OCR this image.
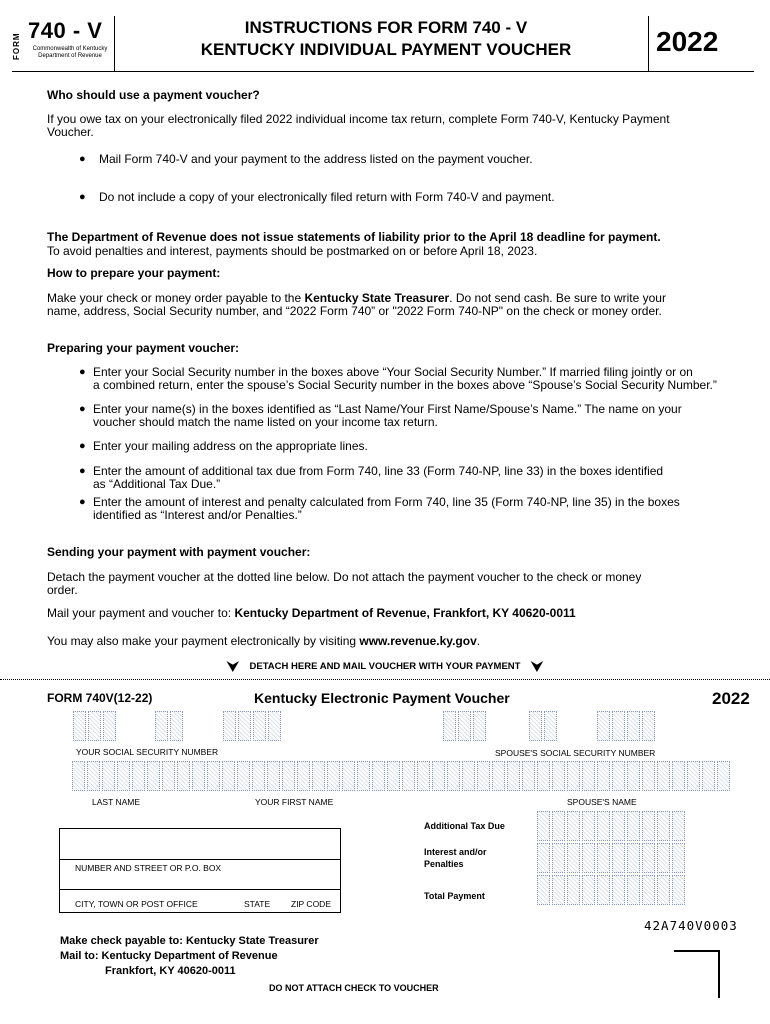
FORM
740 - V
Commonwealth of Kentucky
Department of Revenue
INSTRUCTIONS FOR FORM 740 - V
KENTUCKY INDIVIDUAL PAYMENT VOUCHER	2022
Who should use a payment voucher?
If you owe tax on your electronically filed 2022 individual income tax return, complete Form 740-V, Kentucky Payment
Voucher.
● Mail Form 740-V and your payment to the address listed on the payment voucher.
● Do not include a copy of your electronically filed return with Form 740-V and payment.
The Department of Revenue does not issue statements of liability prior to the April 18 deadline for payment.
To avoid penalties and interest, payments should be postmarked on or before April 18, 2023.
How to prepare your payment:
Make your check or money order payable to the Kentucky State Treasurer. Do not send cash. Be sure to write your
name, address, Social Security number, and “2022 Form 740” or "2022 Form 740-NP" on the check or money order.
Preparing your payment voucher:
● Enter your Social Security number in the boxes above “Your Social Security Number.” If married filing jointly or on
a combined return, enter the spouse’s Social Security number in the boxes above “Spouse’s Social Security Number.”
● Enter your name(s) in the boxes identified as “Last Name/Your First Name/Spouse’s Name.” The name on your
voucher should match the name listed on your income tax return.
● Enter your mailing address on the appropriate lines.
● Enter the amount of additional tax due from Form 740, line 33 (Form 740-NP, line 33) in the boxes identified
as “Additional Tax Due.”
● Enter the amount of interest and penalty calculated from Form 740, line 35 (Form 740-NP, line 35) in the boxes
identified as “Interest and/or Penalties.”
Sending your payment with payment voucher:
Detach the payment voucher at the dotted line below. Do not attach the payment voucher to the check or money
order.
Mail your payment and voucher to: Kentucky Department of Revenue, Frankfort, KY 40620-0011
You may also make your payment electronically by visiting www.revenue.ky.gov.
⮟ DETACH HERE AND MAIL VOUCHER WITH YOUR PAYMENT ⮟
FORM 740V(12-22)	Kentucky Electronic Payment Voucher	2022
YOUR SOCIAL SECURITY NUMBER	SPOUSE'S SOCIAL SECURITY NUMBER
LAST NAME	YOUR FIRST NAME	SPOUSE'S NAME
NUMBER AND STREET OR P.O. BOX
CITY, TOWN OR POST OFFICE	STATE ZIP CODE
Additional Tax Due
Interest and/or
Penalties
Total Payment
42A740V0003
Make check payable to: Kentucky State Treasurer
Mail to: Kentucky Department of Revenue
Frankfort, KY 40620-0011
DO NOT ATTACH CHECK TO VOUCHER
